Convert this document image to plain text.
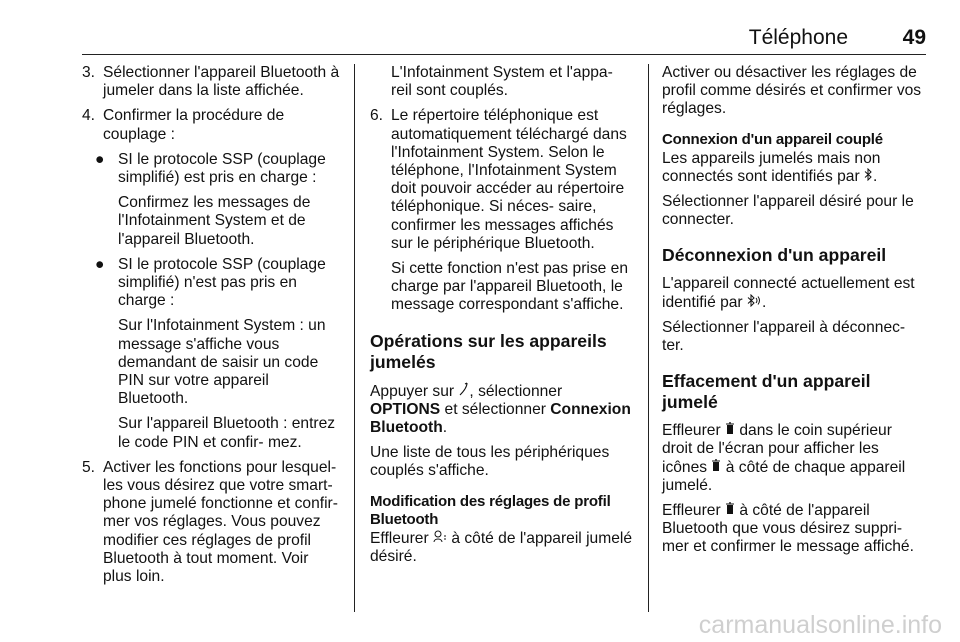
Téléphone	49
3. Sélectionner l'appareil Bluetooth à jumeler dans la liste affichée.
4. Confirmer la procédure de couplage :
● SI le protocole SSP (couplage simplifié) est pris en charge :
Confirmez les messages de l'Infotainment System et de l'appareil Bluetooth.
● SI le protocole SSP (couplage simplifié) n'est pas pris en charge :
Sur l'Infotainment System : un message s'affiche vous demandant de saisir un code PIN sur votre appareil Bluetooth.
Sur l'appareil Bluetooth : entrez le code PIN et confir- mez.
5. Activer les fonctions pour lesquel- les vous désirez que votre smart- phone jumelé fonctionne et confir- mer vos réglages. Vous pouvez modifier ces réglages de profil Bluetooth à tout moment. Voir plus loin.
L'Infotainment System et l'appa- reil sont couplés.
6. Le répertoire téléphonique est automatiquement téléchargé dans l'Infotainment System. Selon le téléphone, l'Infotainment System doit pouvoir accéder au répertoire téléphonique. Si néces- saire, confirmer les messages affichés sur le périphérique Bluetooth.
Si cette fonction n'est pas prise en charge par l'appareil Bluetooth, le message correspondant s'affiche.
Opérations sur les appareils jumelés

Appuyer sur , sélectionner
OPTIONS et sélectionner Connexion Bluetooth.

Une liste de tous les périphériques couplés s'affiche.

Modification des réglages de profil Bluetooth

Effleurer à côté de l'appareil jumelé désiré.

Activer ou désactiver les réglages de profil comme désirés et confirmer vos réglages.

Connexion d'un appareil couplé

Les appareils jumelés mais non connectés sont identifiés par .

Sélectionner l'appareil désiré pour le connecter.

Déconnexion d'un appareil

L'appareil connecté actuellement est identifié par .

Sélectionner l'appareil à déconnec- ter.

Effacement d'un appareil jumelé

Effleurer dans le coin supérieur droit de l'écran pour afficher les icônes à côté de chaque appareil jumelé.

Effleurer à côté de l'appareil Bluetooth que vous désirez suppri- mer et confirmer le message affiché.

carmanualsonline.info
